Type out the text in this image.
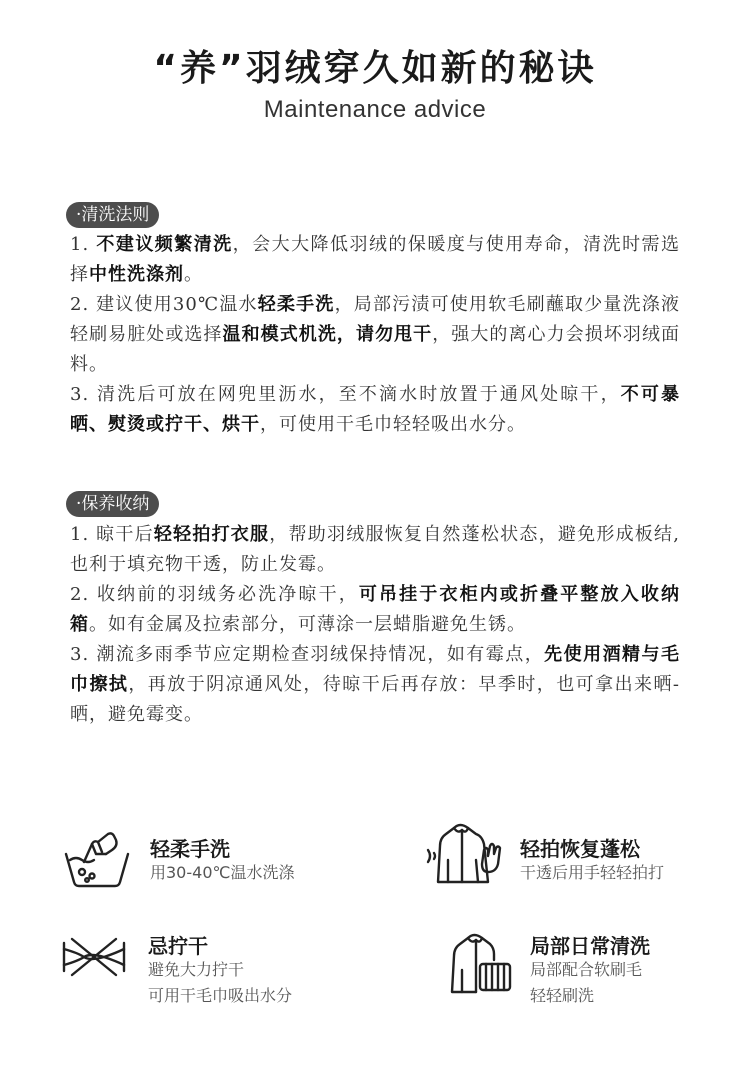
“养”羽绒穿久如新的秘诀
Maintenance advice
·清洗法则

1. 不建议频繁清洗，会大大降低羽绒的保暖度与使用寿命，清洗时需选择中性洗涤剂。

2. 建议使用30℃温水轻柔手洗，局部污渍可使用软毛刷蘸取少量洗涤液轻刷易脏处或选择温和模式机洗，请勿甩干，强大的离心力会损坏羽绒面料。

3. 清洗后可放在网兜里沥水，至不滴水时放置于通风处晾干，不可暴晒、熨烫或拧干、烘干，可使用干毛巾轻轻吸出水分。

·保养收纳

1. 晾干后轻轻拍打衣服，帮助羽绒服恢复自然蓬松状态，避免形成板结,也利于填充物干透，防止发霉。

2. 收纳前的羽绒务必洗净晾干，可吊挂于衣柜内或折叠平整放入收纳箱。如有金属及拉索部分，可薄涂一层蜡脂避免生锈。

3. 潮流多雨季节应定期检查羽绒保持情况，如有霉点，先使用酒精与毛巾擦拭，再放于阴凉通风处，待晾干后再存放：早季时，也可拿出来晒-晒，避免霉变。

轻柔手洗
用30-40℃温水洗涤
轻拍恢复蓬松
干透后用手轻轻拍打
忌拧干
避免大力拧干
可用干毛巾吸出水分
局部日常清洗
局部配合软刷毛
轻轻刷洗
